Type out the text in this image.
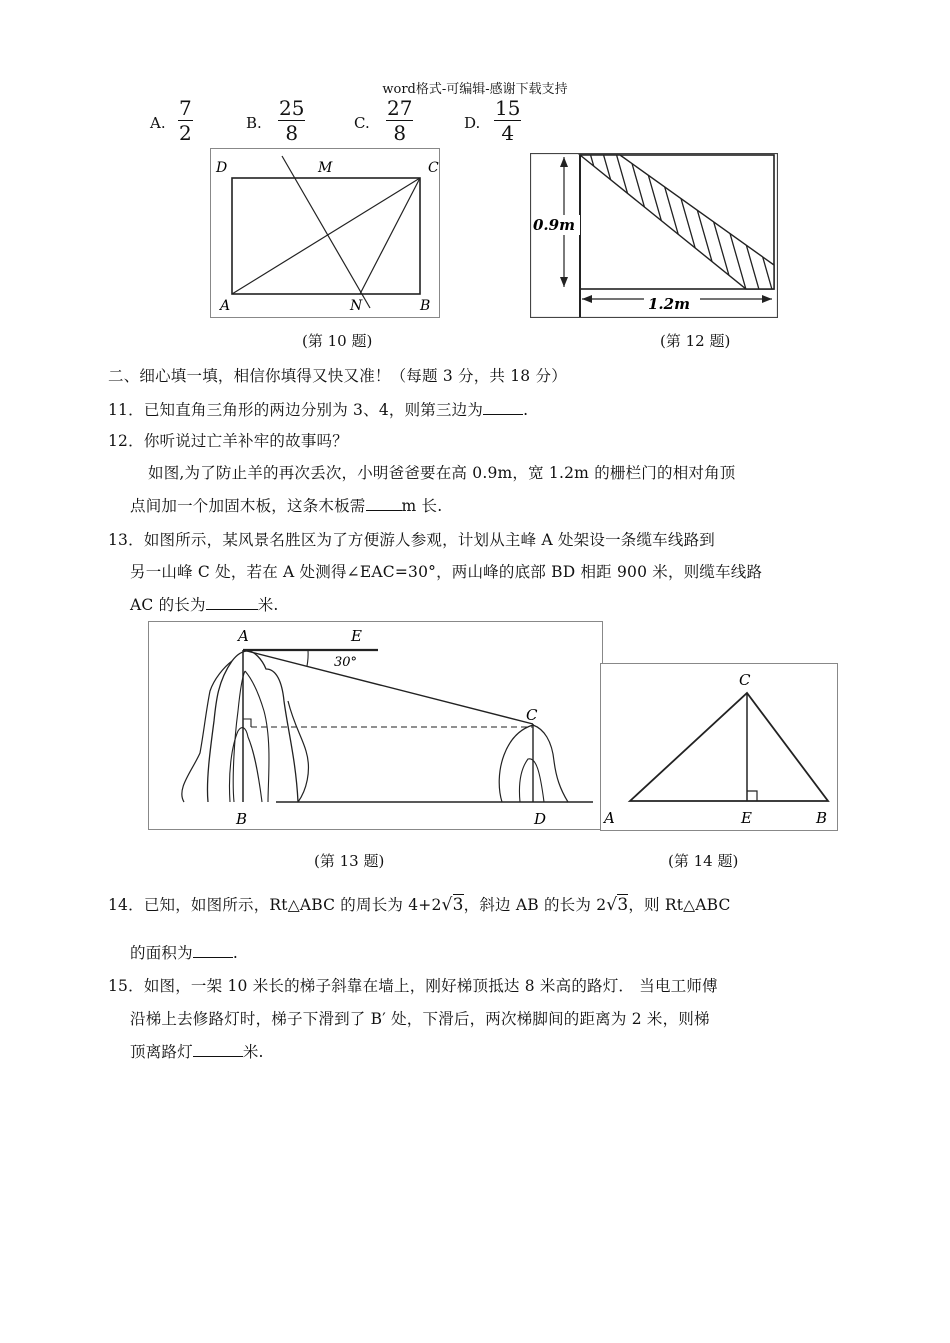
word格式-可编辑-感谢下载支持
A. $\frac{7}{2}$	B. $\frac{25}{8}$	C. $\frac{27}{8}$	D. $\frac{15}{4}$
D	M	C
A	N	B
(第 10 题)
0.9m
1.2m
(第 12 题)
二、细心填一填，相信你填得又快又准！（每题 3 分，共 18 分）
11．已知直角三角形的两边分别为 3、4，则第三边为	.
12．你听说过亡羊补牢的故事吗？
如图,为了防止羊的再次丢次，小明爸爸要在高 0.9m，宽 1.2m 的栅栏门的相对角顶
点间加一个加固木板，这条木板需 m 长.
13．如图所示，某风景名胜区为了方便游人参观，计划从主峰 A 处架设一条缆车线路到
另一山峰 C 处，若在 A 处测得∠EAC=30°，两山峰的底部 BD 相距 900 米，则缆车线路
AC 的长为	米.
A	E
C
B	D
30°
(第 13 题)
C
A	E	B
(第 14 题)
14．已知，如图所示，Rt△ABC 的周长为 4+2√3，斜边 AB 的长为 2√3，则 Rt△ABC
的面积为	.
15．如图，一架 10 米长的梯子斜靠在墙上，刚好梯顶抵达 8 米高的路灯． 当电工师傅
沿梯上去修路灯时，梯子下滑到了 B′ 处，下滑后，两次梯脚间的距离为 2 米，则梯
顶离路灯	米.
